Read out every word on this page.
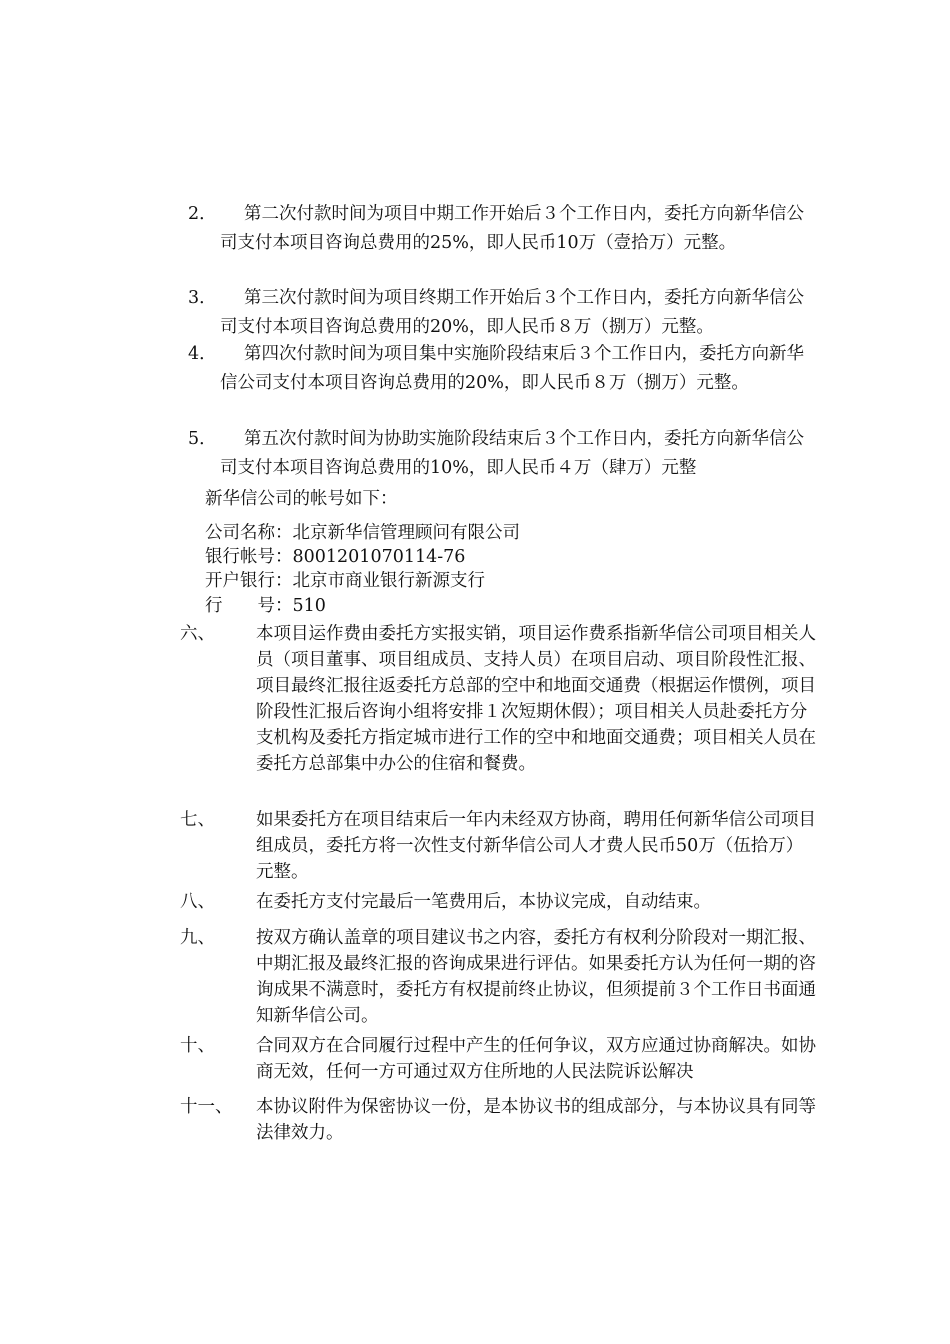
2．	第二次付款时间为项目中期工作开始后３个工作日内，委托方向新华信公司支付本项目咨询总费用的25%，即人民币10万（壹拾万）元整。
3．	第三次付款时间为项目终期工作开始后３个工作日内，委托方向新华信公司支付本项目咨询总费用的20%，即人民币８万（捌万）元整。
4．	第四次付款时间为项目集中实施阶段结束后３个工作日内，委托方向新华信公司支付本项目咨询总费用的20%，即人民币８万（捌万）元整。
5．	第五次付款时间为协助实施阶段结束后３个工作日内，委托方向新华信公司支付本项目咨询总费用的10%，即人民币４万（肆万）元整
新华信公司的帐号如下：
公司名称：北京新华信管理顾问有限公司
银行帐号：8001201070114-76
开户银行：北京市商业银行新源支行
行　　号：510
六、 本项目运作费由委托方实报实销，项目运作费系指新华信公司项目相关人员（项目董事、项目组成员、支持人员）在项目启动、项目阶段性汇报、项目最终汇报往返委托方总部的空中和地面交通费（根据运作惯例，项目阶段性汇报后咨询小组将安排１次短期休假）；项目相关人员赴委托方分支机构及委托方指定城市进行工作的空中和地面交通费；项目相关人员在委托方总部集中办公的住宿和餐费。
七、 如果委托方在项目结束后一年内未经双方协商，聘用任何新华信公司项目组成员，委托方将一次性支付新华信公司人才费人民币50万（伍拾万）元整。
八、 在委托方支付完最后一笔费用后，本协议完成，自动结束。
九、 按双方确认盖章的项目建议书之内容，委托方有权利分阶段对一期汇报、中期汇报及最终汇报的咨询成果进行评估。如果委托方认为任何一期的咨询成果不满意时，委托方有权提前终止协议，但须提前３个工作日书面通知新华信公司。
十、 合同双方在合同履行过程中产生的任何争议，双方应通过协商解决。如协商无效，任何一方可通过双方住所地的人民法院诉讼解决
十一、 本协议附件为保密协议一份，是本协议书的组成部分，与本协议具有同等法律效力。
